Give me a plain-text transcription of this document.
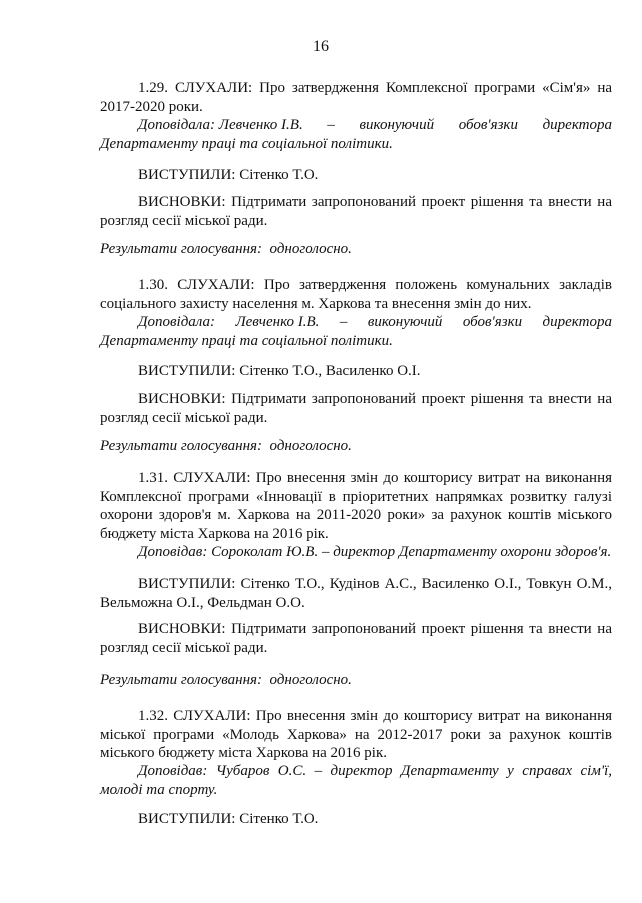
16

1.29. СЛУХАЛИ: Про затвердження Комплексної програми «Сім'я» на

2017-2020 роки.

Доповідала: Левченко І.В. – виконуючий обов'язки директора

Департаменту праці та соціальної політики.

ВИСТУПИЛИ: Сітенко Т.О.

ВИСНОВКИ: Підтримати запропонований проект рішення та внести на

розгляд сесії міської ради.

Результати голосування: одноголосно.

1.30. СЛУХАЛИ: Про затвердження положень комунальних закладів

соціального захисту населення м. Харкова та внесення змін до них.

Доповідала: Левченко І.В. – виконуючий обов'язки директора

Департаменту праці та соціальної політики.

ВИСТУПИЛИ: Сітенко Т.О., Василенко О.І.

ВИСНОВКИ: Підтримати запропонований проект рішення та внести на

розгляд сесії міської ради.

Результати голосування: одноголосно.

1.31. СЛУХАЛИ: Про внесення змін до кошторису витрат на виконання

Комплексної програми «Інновації в пріоритетних напрямках розвитку галузі

охорони здоров'я м. Харкова на 2011-2020 роки» за рахунок коштів міського

бюджету міста Харкова на 2016 рік.

Доповідав: Сороколат Ю.В. – директор Департаменту охорони здоров'я.

ВИСТУПИЛИ: Сітенко Т.О., Кудінов А.С., Василенко О.І., Товкун О.М.,

Вельможна О.І., Фельдман О.О.

ВИСНОВКИ: Підтримати запропонований проект рішення та внести на

розгляд сесії міської ради.

Результати голосування: одноголосно.

1.32. СЛУХАЛИ: Про внесення змін до кошторису витрат на виконання

міської програми «Молодь Харкова» на 2012-2017 роки за рахунок коштів

міського бюджету міста Харкова на 2016 рік.

Доповідав: Чубаров О.С. – директор Департаменту у справах сім'ї,

молоді та спорту.

ВИСТУПИЛИ: Сітенко Т.О.
